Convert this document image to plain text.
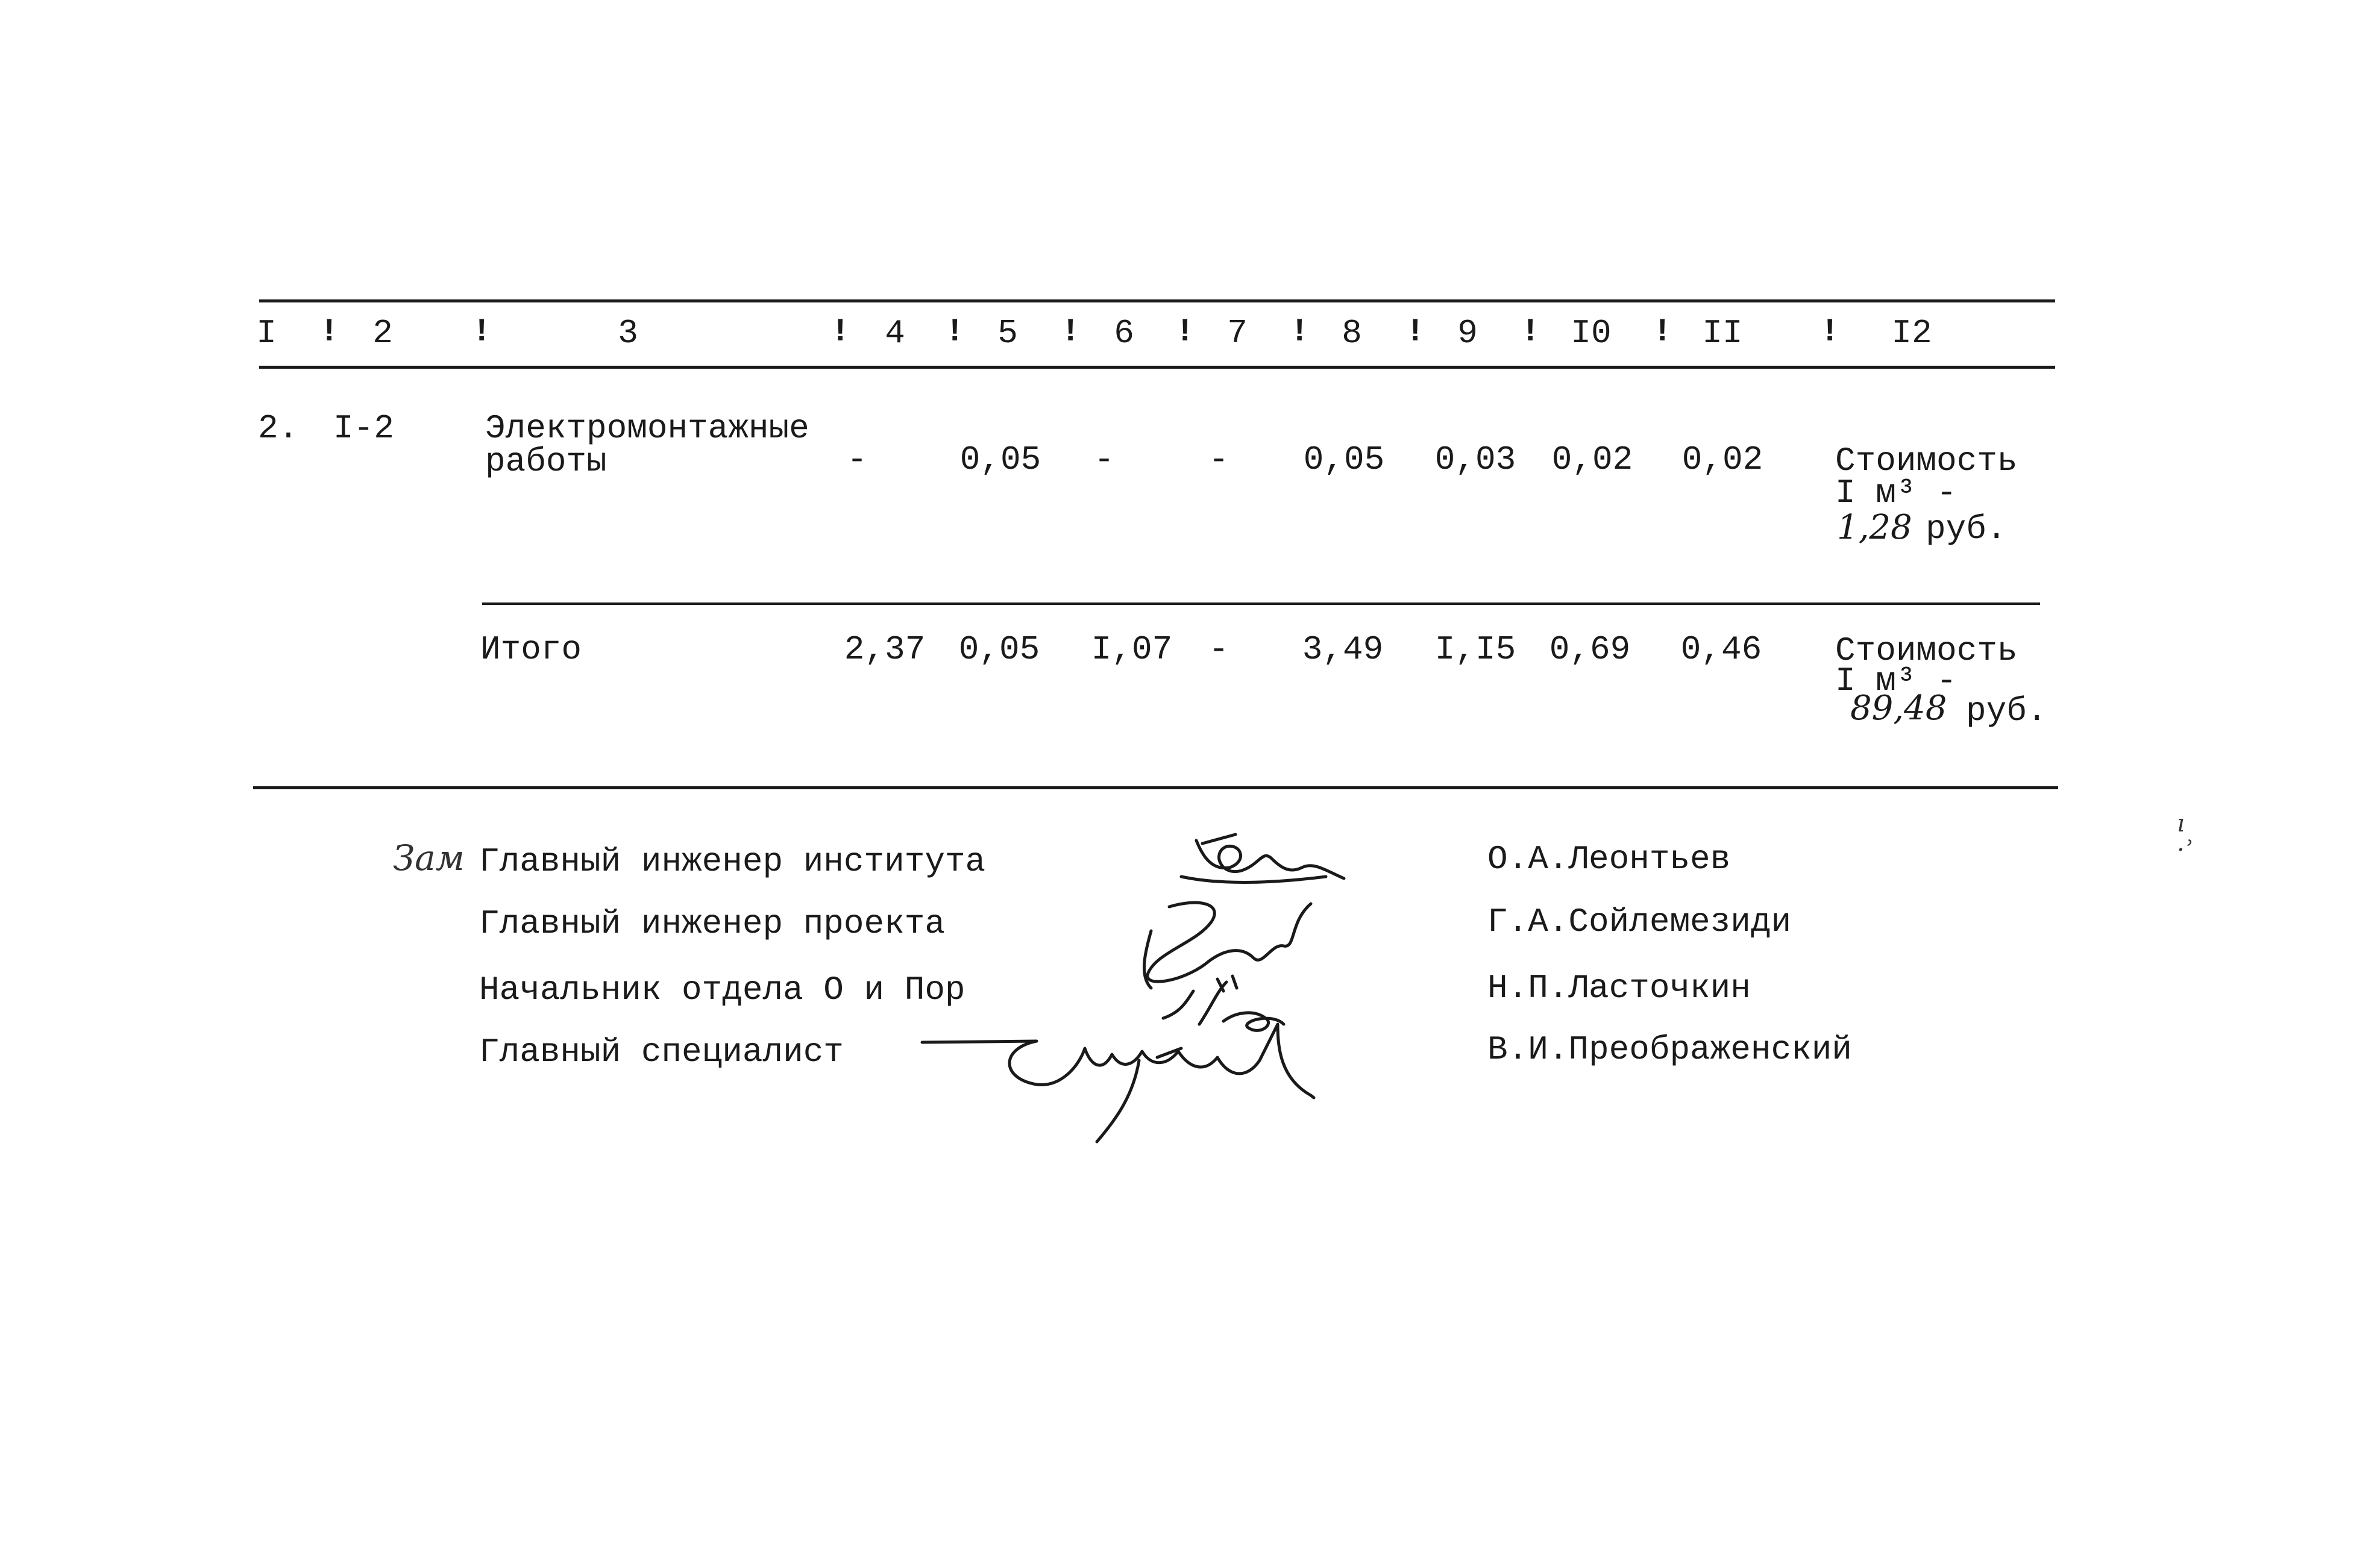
I ! 2 !	3	! 4 ! 5 ! 6 ! 7 ! 8 ! 9 ! I0 ! II ! I2
2. I-2	Электромонтажные
работы	-	0,05 -	- 0,05 0,03 0,02 0,02 Стоимость
I м³ -
1,28 руб.
Итого	2,37 0,05 I,07 - 3,49 I,I5 0,69 0,46 Стоимость
I м³ -
89,48 руб.
Зам Главный инженер института	О.А.Леонтьев
Главный инженер проекта	Г.А.Сойлемезиди
Начальник отдела О и Пор	Н.П.Ласточкин
Главный специалист	В.И.Преображенский
ı
·ʾ
